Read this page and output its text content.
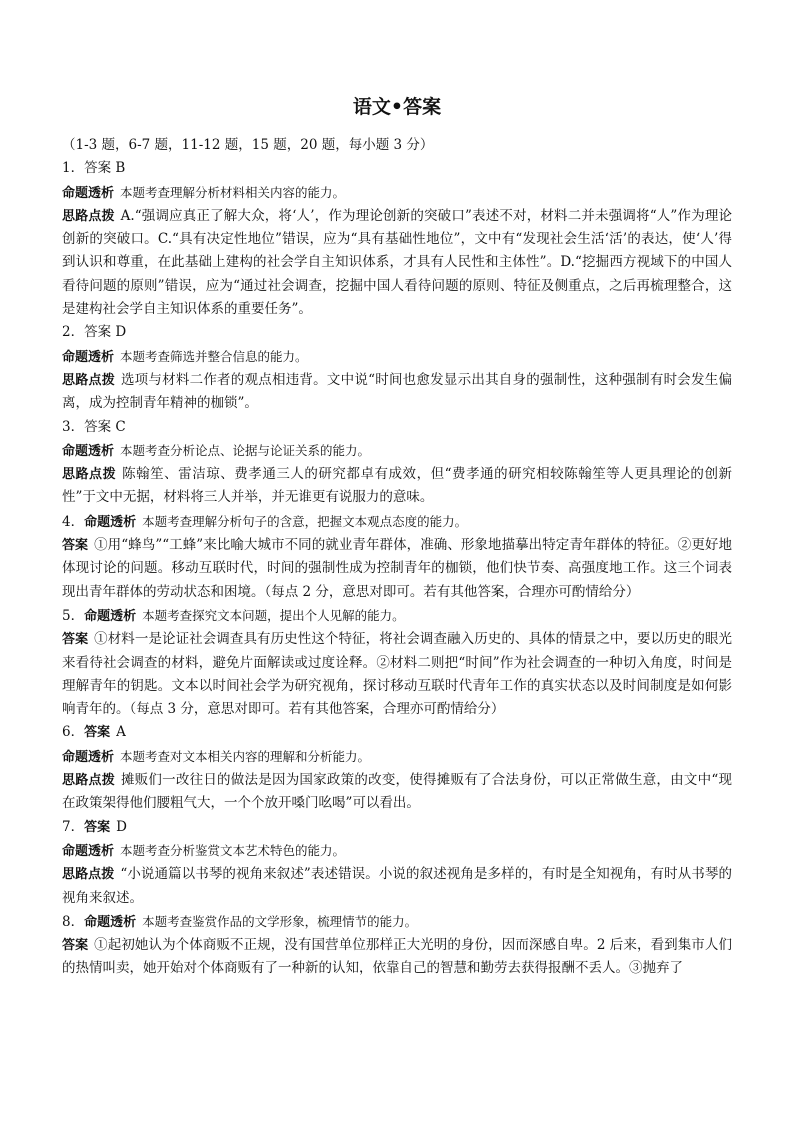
语文•答案

（1-3 题，6-7 题，11-12 题，15 题，20 题，每小题 3 分）

1．答案 B

命题透析 本题考查理解分析材料相关内容的能力。

思路点拨 A.“强调应真正了解大众，将‘人’，作为理论创新的突破口”表述不对，材料二并未强调将“人”作为理论创新的突破口。C.“具有决定性地位”错误，应为“具有基础性地位”，文中有“发现社会生活‘活’的表达，使‘人’得到认识和尊重，在此基础上建构的社会学自主知识体系，才具有人民性和主体性”。D.“挖掘西方视域下的中国人看待问题的原则”错误，应为“通过社会调查，挖掘中国人看待问题的原则、特征及侧重点，之后再梳理整合，这是建构社会学自主知识体系的重要任务”。

2．答案 D

命题透析 本题考查筛选并整合信息的能力。

思路点拨 选项与材料二作者的观点相违背。文中说“时间也愈发显示出其自身的强制性，这种强制有时会发生偏离，成为控制青年精神的枷锁”。

3．答案 C

命题透析 本题考查分析论点、论据与论证关系的能力。

思路点拨 陈翰笙、雷洁琼、费孝通三人的研究都卓有成效，但“费孝通的研究相较陈翰笙等人更具理论的创新性”于文中无据，材料将三人并举，并无谁更有说服力的意味。

4．命题透析 本题考查理解分析句子的含意，把握文本观点态度的能力。

答案 ①用“蜂鸟”“工蜂”来比喻大城市不同的就业青年群体，准确、形象地描摹出特定青年群体的特征。②更好地体现讨论的问题。移动互联时代，时间的强制性成为控制青年的枷锁，他们快节奏、高强度地工作。这三个词表现出青年群体的劳动状态和困境。（每点 2 分，意思对即可。若有其他答案，合理亦可酌情给分）

5．命题透析 本题考查探究文本问题，提出个人见解的能力。

答案 ①材料一是论证社会调查具有历史性这个特征，将社会调查融入历史的、具体的情景之中，要以历史的眼光来看待社会调查的材料，避免片面解读或过度诠释。②材料二则把“时间”作为社会调查的一种切入角度，时间是理解青年的钥匙。文本以时间社会学为研究视角，探讨移动互联时代青年工作的真实状态以及时间制度是如何影响青年的。（每点 3 分，意思对即可。若有其他答案，合理亦可酌情给分）

6．答案 A

命题透析 本题考查对文本相关内容的理解和分析能力。

思路点拨 摊贩们一改往日的做法是因为国家政策的改变，使得摊贩有了合法身份，可以正常做生意，由文中“现在政策架得他们腰粗气大，一个个放开嗓门吆喝”可以看出。

7．答案 D

命题透析 本题考查分析鉴赏文本艺术特色的能力。

思路点拨 “小说通篇以书琴的视角来叙述”表述错误。小说的叙述视角是多样的，有时是全知视角，有时从书琴的视角来叙述。

8．命题透析 本题考查鉴赏作品的文学形象，梳理情节的能力。

答案 ①起初她认为个体商贩不正规，没有国营单位那样正大光明的身份，因而深感自卑。2 后来，看到集市人们的热情叫卖，她开始对个体商贩有了一种新的认知，依靠自己的智慧和勤劳去获得报酬不丢人。③抛弃了
